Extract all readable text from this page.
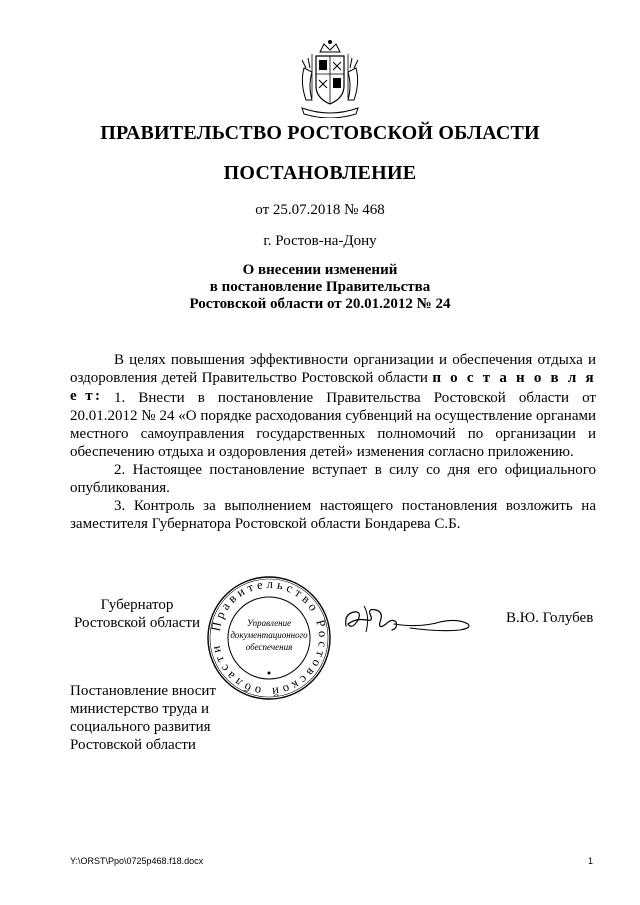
ПРАВИТЕЛЬСТВО РОСТОВСКОЙ ОБЛАСТИ
ПОСТАНОВЛЕНИЕ
от 25.07.2018 № 468
г. Ростов-на-Дону
О внесении изменений
в постановление Правительства
Ростовской области от 20.01.2012 № 24
В целях повышения эффективности организации и обеспечения отдыха и оздоровления детей Правительство Ростовской области п о с т а н о в л я е т: 1. Внести в постановление Правительства Ростовской области от 20.01.2012 № 24 «О порядке расходования субвенций на осуществление органами местного самоуправления государственных полномочий по организации и обеспечению отдыха и оздоровления детей» изменения согласно приложению.
2. Настоящее постановление вступает в силу со дня его официального опубликования.
3. Контроль за выполнением настоящего постановления возложить на заместителя Губернатора Ростовской области Бондарева С.Б.
Губернатор
Ростовской области Правительство Ростовской области
Управление
документационного
обеспечения
В.Ю. Голубев
Постановление вносит
министерство труда и
социального развития
Ростовской области
Y:\ORST\Ppo\0725p468.f18.docx	1
